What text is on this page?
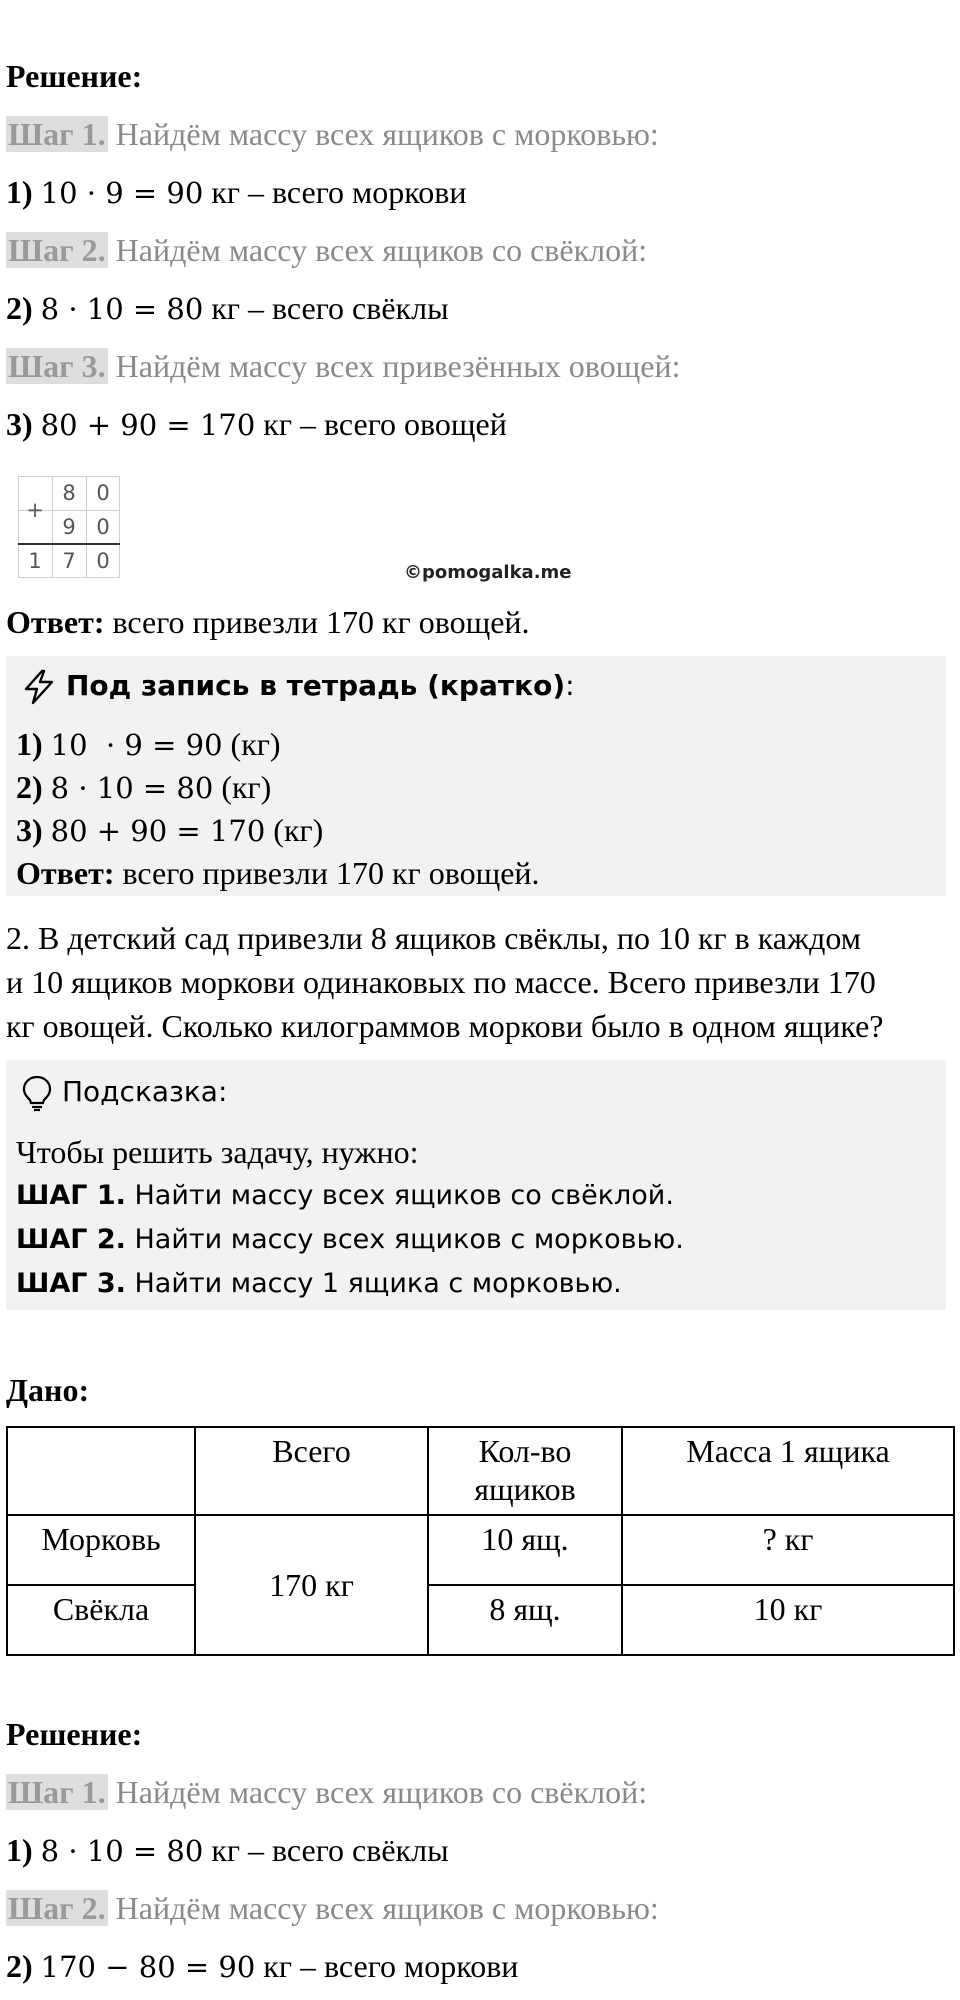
Решение:
Шаг 1. Найдём массу всех ящиков с морковью:
1) 10 · 9 = 90 кг – всего моркови
Шаг 2. Найдём массу всех ящиков со свёклой:
2) 8 · 10 = 80 кг – всего свёклы
Шаг 3. Найдём массу всех привезённых овощей:
3) 80 + 90 = 170 кг – всего овощей
+
8 0
9 0
1 7 0	©pomogalka.me
Ответ: всего привезли 170 кг овощей.
Под запись в тетрадь (кратко):
1) 10  · 9 = 90 (кг)
2) 8 · 10 = 80 (кг)
3) 80 + 90 = 170 (кг)
Ответ: всего привезли 170 кг овощей.
2. В детский сад привезли 8 ящиков свёклы, по 10 кг в каждом
и 10 ящиков моркови одинаковых по массе. Всего привезли 170
кг овощей. Сколько килограммов моркови было в одном ящике?
Подсказка:
Чтобы решить задачу, нужно:
ШАГ 1. Найти массу всех ящиков со свёклой.
ШАГ 2. Найти массу всех ящиков с морковью.
ШАГ 3. Найти массу 1 ящика с морковью.
Дано:
	Всего	Кол-во ящиков	Масса 1 ящика
Морковь	170 кг	10 ящ.	? кг
Свёкла		8 ящ.	10 кг
Решение:
Шаг 1. Найдём массу всех ящиков со свёклой:
1) 8 · 10 = 80 кг – всего свёклы
Шаг 2. Найдём массу всех ящиков с морковью:
2) 170 − 80 = 90 кг – всего моркови
